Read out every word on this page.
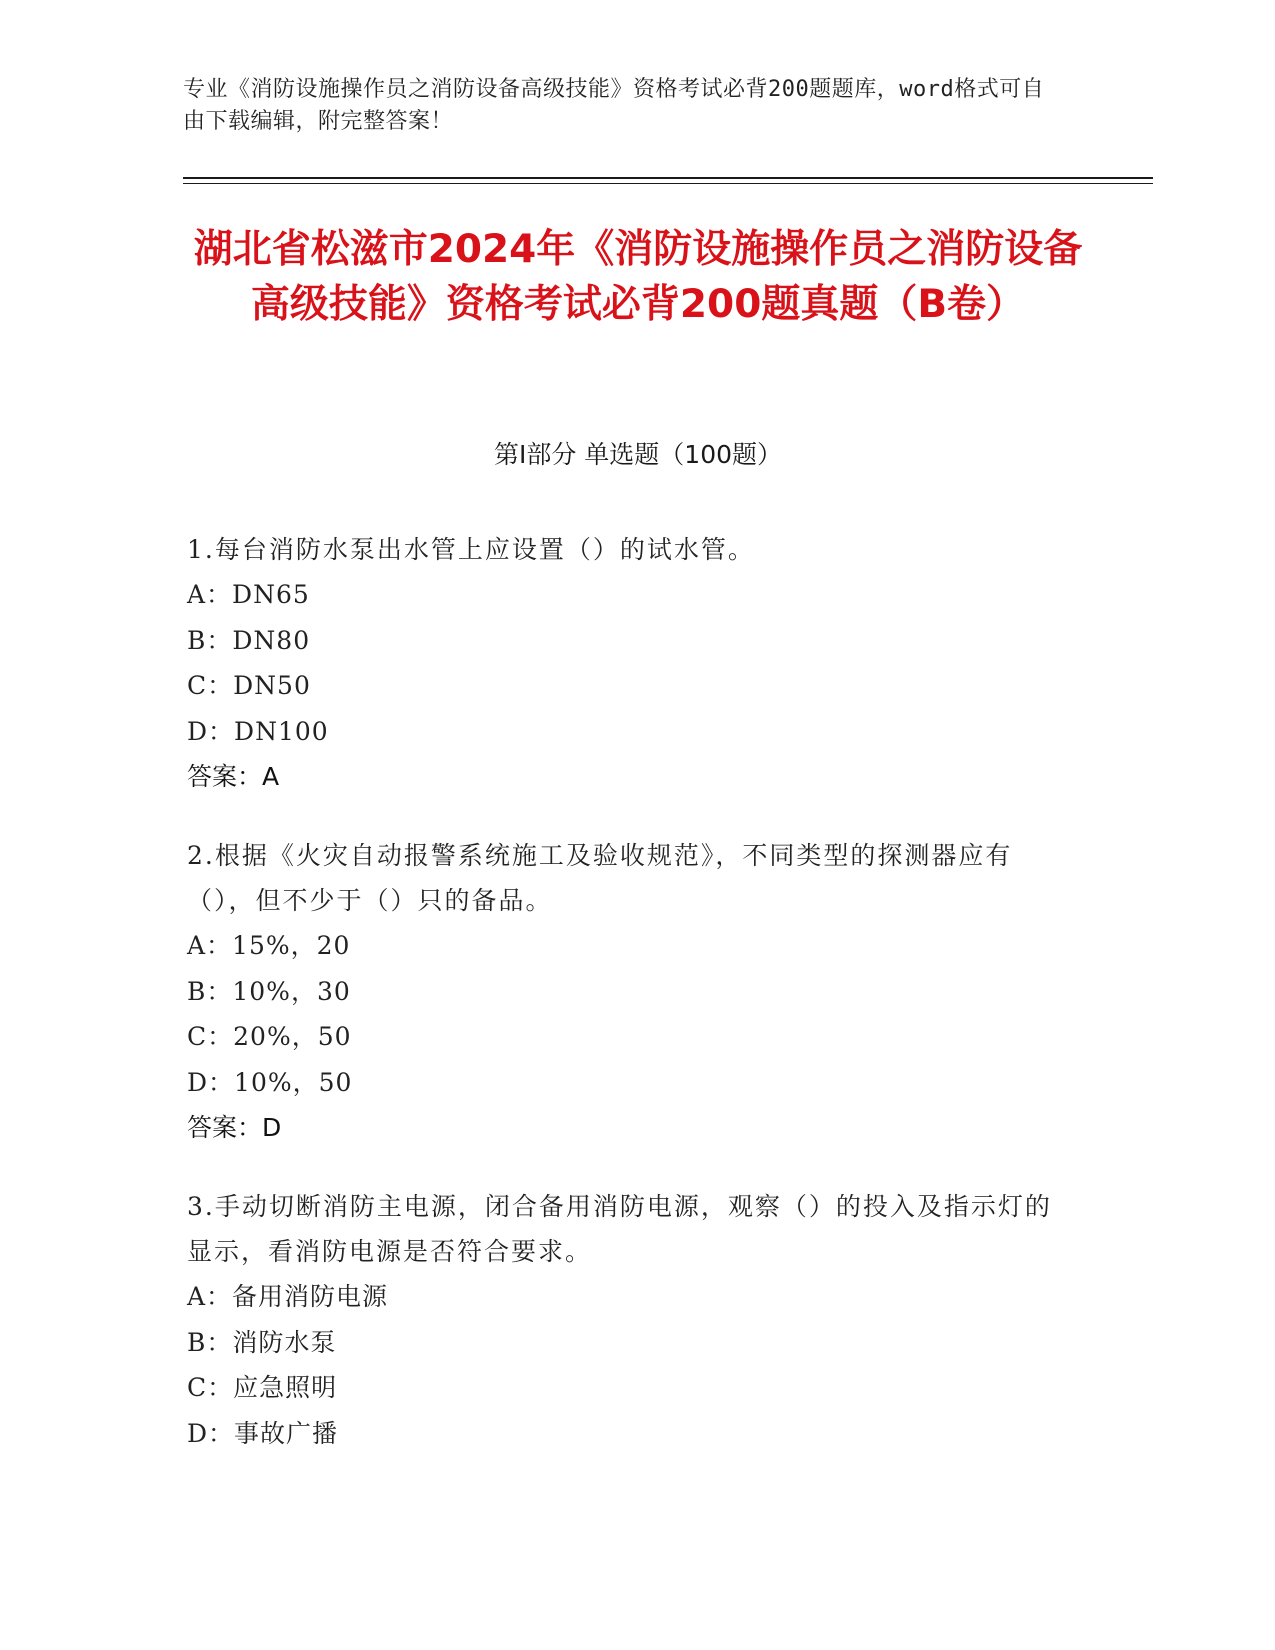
专业《消防设施操作员之消防设备高级技能》资格考试必背200题题库，word格式可自由下载编辑，附完整答案！
湖北省松滋市2024年《消防设施操作员之消防设备高级技能》资格考试必背200题真题（B卷）
第I部分 单选题（100题）
1.每台消防水泵出水管上应设置（）的试水管。
A：DN65
B：DN80
C：DN50
D：DN100
答案：A
2.根据《火灾自动报警系统施工及验收规范》，不同类型的探测器应有（），但不少于（）只的备品。
A：15%，20
B：10%，30
C：20%，50
D：10%，50
答案：D
3.手动切断消防主电源，闭合备用消防电源，观察（）的投入及指示灯的显示，看消防电源是否符合要求。
A：备用消防电源
B：消防水泵
C：应急照明
D：事故广播
